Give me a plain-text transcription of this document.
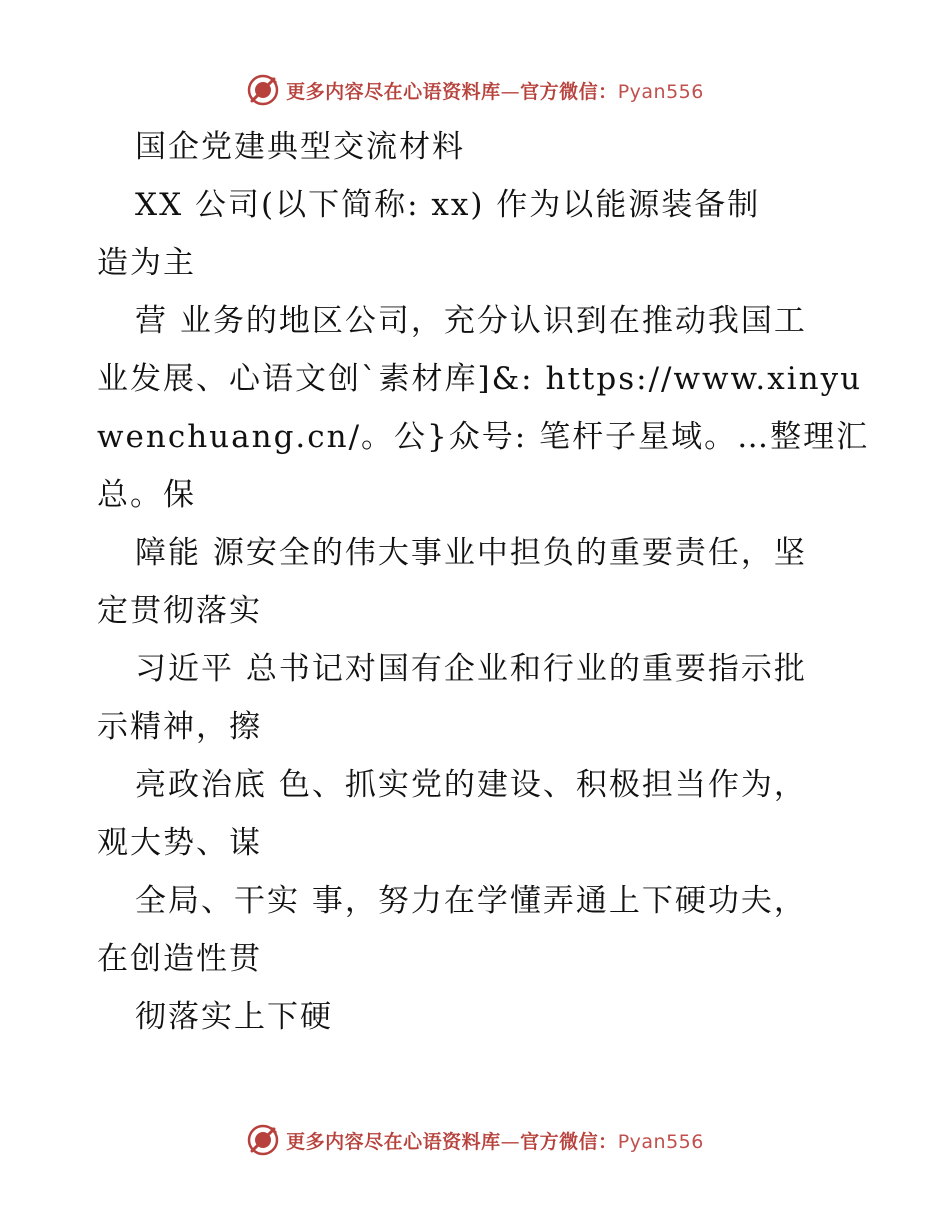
更多内容尽在心语资料库—官方微信：Pyan556
国企党建典型交流材料
XX 公司(以下简称: xx) 作为以能源装备制
造为主
营 业务的地区公司，充分认识到在推动我国工
业发展、心语文创`素材库]&: https://www.xinyu
wenchuang.cn/。公}众号: 笔杆子星域。…整理汇
总。保
障能 源安全的伟大事业中担负的重要责任，坚
定贯彻落实
习近平 总书记对国有企业和行业的重要指示批
示精神，擦
亮政治底 色、抓实党的建设、积极担当作为，
观大势、谋
全局、干实 事，努力在学懂弄通上下硬功夫，
在创造性贯
彻落实上下硬
更多内容尽在心语资料库—官方微信：Pyan556
